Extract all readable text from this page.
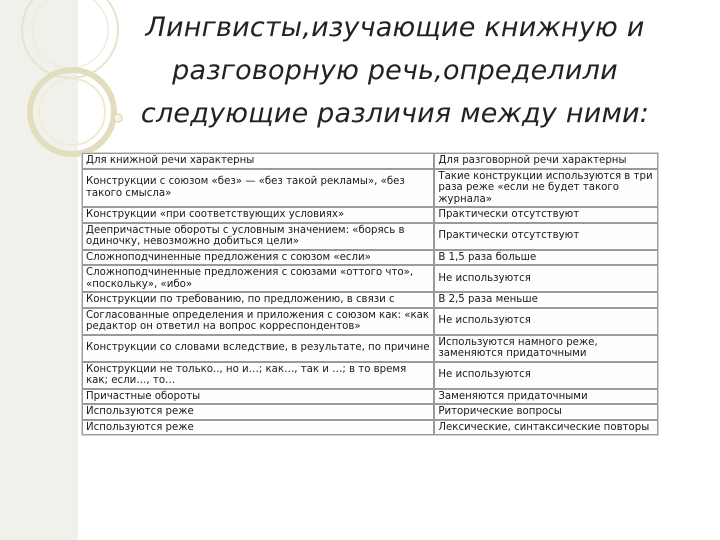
Лингвисты,изучающие книжную и разговорную речь,определили следующие различия между ними:
Для книжной речи характерны	Для разговорной речи характерны
Конструкции с союзом «без» — «без такой рекламы», «без такого смысла»	Такие конструкции используются в три раза реже «если не будет такого журнала»
Конструкции «при соответствующих условиях»	Практически отсутствуют
Деепричастные обороты с условным значением: «борясь в одиночку, невозможно добиться цели»	Практически отсутствуют
Сложноподчиненные предложения с союзом «если»	В 1,5 раза больше
Сложноподчиненные предложения с союзами «оттого что», «поскольку», «ибо»	Не используются
Конструкции по требованию, по предложению, в связи с	В 2,5 раза меньше
Согласованные определения и приложения с союзом как: «как редактор он ответил на вопрос корреспондентов»	Не используются
Конструкции со словами вследствие, в результате, по причине	Используются намного реже, заменяются придаточными
Конструкции не только.., но и…; как…, так и …; в то время как; если…, то…	Не используются
Причастные обороты	Заменяются придаточными
Используются реже	Риторические вопросы
Используются реже	Лексические, синтаксические повторы
